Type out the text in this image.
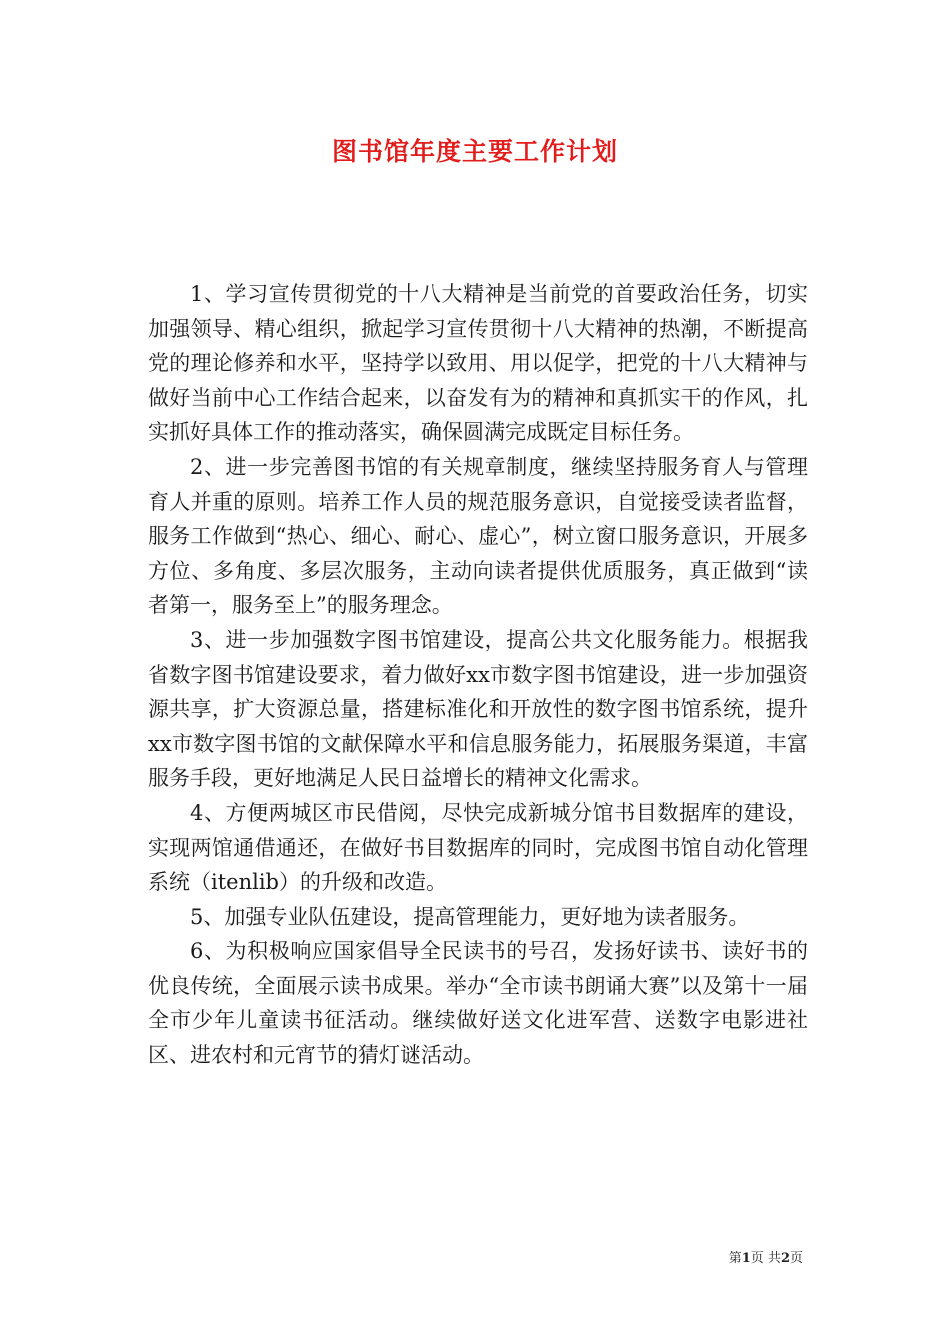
图书馆年度主要工作计划

1、学习宣传贯彻党的十八大精神是当前党的首要政治任务，切实加强领导、精心组织，掀起学习宣传贯彻十八大精神的热潮，不断提高党的理论修养和水平，坚持学以致用、用以促学，把党的十八大精神与做好当前中心工作结合起来，以奋发有为的精神和真抓实干的作风，扎实抓好具体工作的推动落实，确保圆满完成既定目标任务。

2、进一步完善图书馆的有关规章制度，继续坚持服务育人与管理育人并重的原则。培养工作人员的规范服务意识，自觉接受读者监督，服务工作做到“热心、细心、耐心、虚心”，树立窗口服务意识，开展多方位、多角度、多层次服务，主动向读者提供优质服务，真正做到“读者第一，服务至上”的服务理念。

3、进一步加强数字图书馆建设，提高公共文化服务能力。根据我省数字图书馆建设要求，着力做好xx市数字图书馆建设，进一步加强资源共享，扩大资源总量，搭建标准化和开放性的数字图书馆系统，提升xx市数字图书馆的文献保障水平和信息服务能力，拓展服务渠道，丰富服务手段，更好地满足人民日益增长的精神文化需求。

4、方便两城区市民借阅，尽快完成新城分馆书目数据库的建设，实现两馆通借通还，在做好书目数据库的同时，完成图书馆自动化管理系统（itenlib）的升级和改造。

5、加强专业队伍建设，提高管理能力，更好地为读者服务。

6、为积极响应国家倡导全民读书的号召，发扬好读书、读好书的优良传统，全面展示读书成果。举办“全市读书朗诵大赛”以及第十一届全市少年儿童读书征活动。继续做好送文化进军营、送数字电影进社区、进农村和元宵节的猜灯谜活动。

第1页 共2页
